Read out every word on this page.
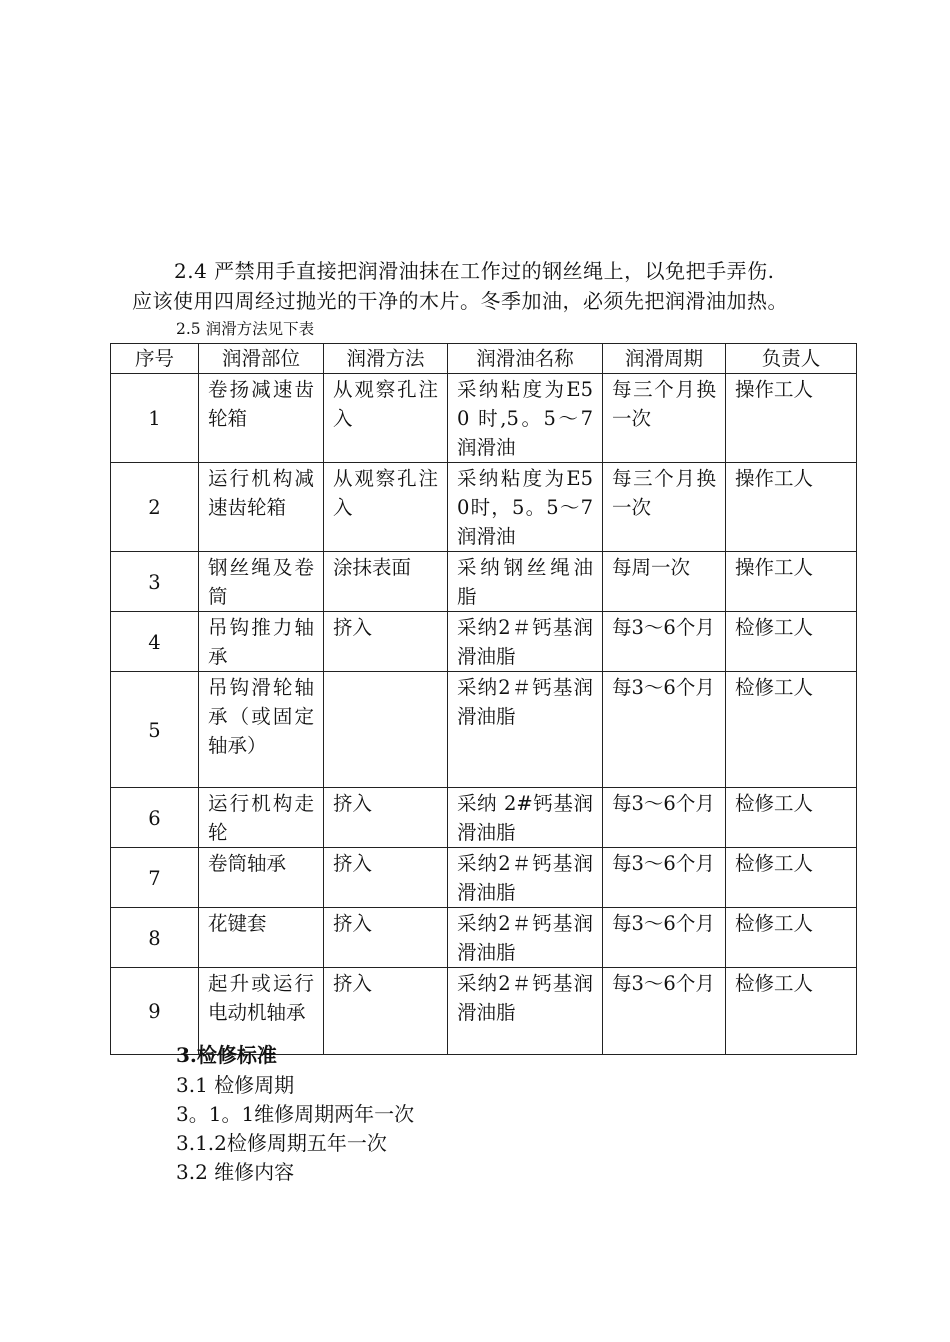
2.4 严禁用手直接把润滑油抹在工作过的钢丝绳上，以免把手弄伤.
应该使用四周经过抛光的干净的木片。冬季加油，必须先把润滑油加热。
2.5 润滑方法见下表
序号	润滑部位	润滑方法	润滑油名称	润滑周期	负责人
1	卷扬减速齿轮箱	从观察孔注入	采纳粘度为E50 时,5。5～7润滑油	每三个月换一次	操作工人
2	运行机构减速齿轮箱	从观察孔注入	采纳粘度为E50时，5。5～7润滑油	每三个月换一次	操作工人
3	钢丝绳及卷筒	涂抹表面	采纳钢丝绳油脂	每周一次	操作工人
4	吊钩推力轴承	挤入	采纳2＃钙基润滑油脂	每3～6个月	检修工人
5	吊钩滑轮轴承（或固定轴承）		采纳2＃钙基润滑油脂	每3～6个月	检修工人
6	运行机构走轮	挤入	采纳 2#钙基润滑油脂	每3～6个月	检修工人
7	卷筒轴承	挤入	采纳2＃钙基润滑油脂	每3～6个月	检修工人
8	花键套	挤入	采纳2＃钙基润滑油脂	每3～6个月	检修工人
9	起升或运行电动机轴承	挤入	采纳2＃钙基润滑油脂	每3～6个月	检修工人
3.检修标准
3.1 检修周期
3。1。1维修周期两年一次
3.1.2检修周期五年一次
3.2 维修内容
